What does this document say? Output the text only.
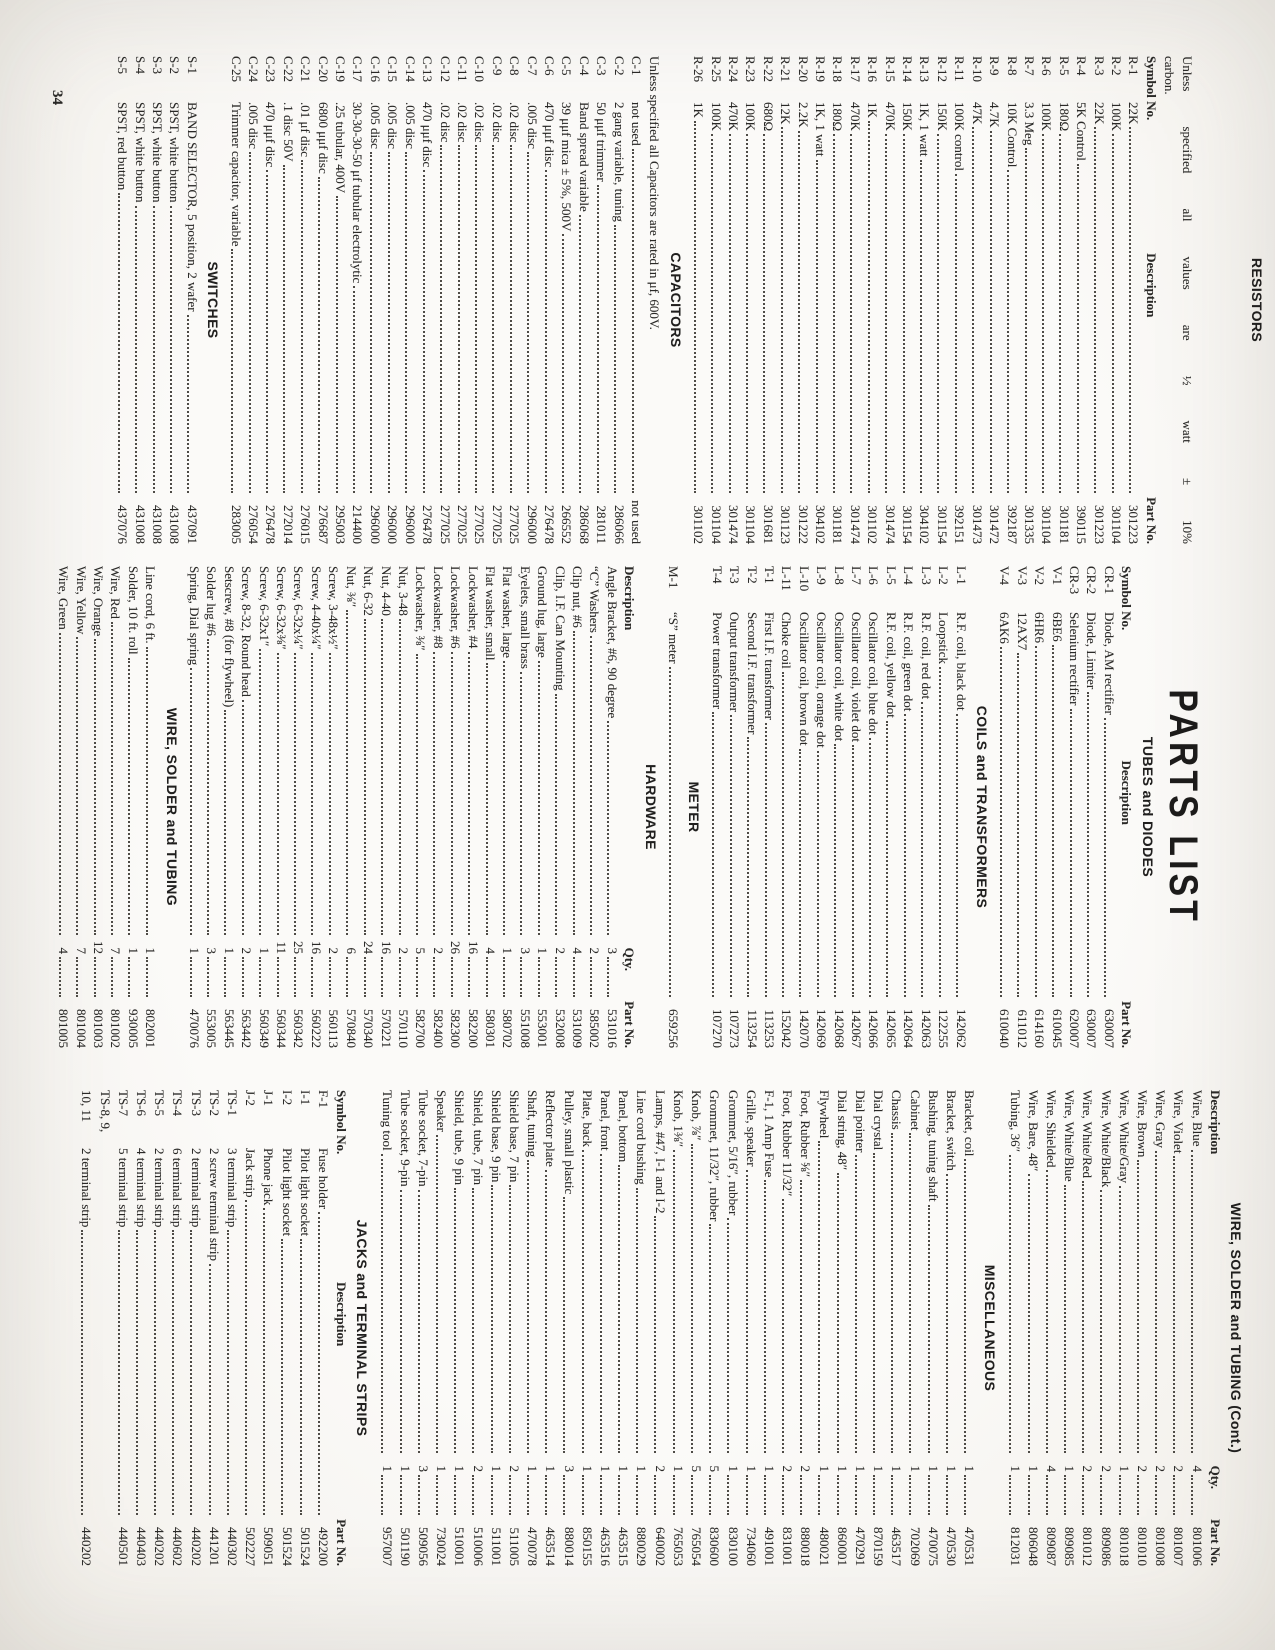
RESISTORS
Unless specified all values are ½ watt ± 10%
carbon.
Symbol No.
Description
Part No.
R-1
22K
301223
R-2
100K
301104
R-3
22K
301223
R-4
5K Control
390115
R-5
180Ω
301181
R-6
100K
301104
R-7
3.3 Meg
301335
R-8
10K Control
392187
R-9
4.7K
301472
R-10
47K
301473
R-11
100K control
392151
R-12
150K
301154
R-13
1K, 1 watt
304102
R-14
150K
301154
R-15
470K
301474
R-16
1K
301102
R-17
470K
301474
R-18
180Ω
301181
R-19
1K, 1 watt
304102
R-20
2.2K
301222
R-21
12K
301123
R-22
680Ω
301681
R-23
100K
301104
R-24
470K
301474
R-25
100K
301104
R-26
1K
301102
CAPACITORS
Unless specified all Capacitors are rated in μf, 600V.
C-1
not used
not used
C-2
2 gang variable, tuning
286066
C-3
50 μμf trimmer
281011
C-4
Band spread variable
286068
C-5
39 μμf mica ± 5%, 500V
266552
C-6
470 μμf disc
276478
C-7
.005 disc
296000
C-8
.02 disc
277025
C-9
.02 disc
277025
C-10
.02 disc
277025
C-11
.02 disc
277025
C-12
.02 disc
277025
C-13
470 μμf disc
276478
C-14
.005 disc
296000
C-15
.005 disc
296000
C-16
.005 disc
296000
C-17
30-30-30-50 μf tubular electrolytic
214400
C-19
.25 tubular, 400V
295003
C-20
6800 μμf disc
276687
C-21
.01 μf disc
276015
C-22
.1 disc 50V
272014
C-23
470 μμf disc
276478
C-24
.005 disc
276054
C-25
Trimmer capacitor, variable
283005
SWITCHES
S-1
BAND SELECTOR, 5 position, 2 wafer
437091
S-2
SPST, white button
431008
S-3
SPST, white button
431008
S-4
SPST, white button
431008
S-5
SPST, red button
437076
PARTS LIST
TUBES and DIODES
Symbol No.
Description
Part No.
CR-1
Diode, AM rectifier
630007
CR-2
Diode, Limiter
630007
CR-3
Selenium rectifier
620007
V-1
6BE6
610045
V-2
6HR6
614160
V-3
12AX7
611012
V-4
6AK6
610040
COILS and TRANSFORMERS
L-1
R.F. coil, black dot
142062
L-2
Loopstick
122255
L-3
R.F. coil, red dot
142063
L-4
R.F. coil, green dot
142064
L-5
R.F. coil, yellow dot
142065
L-6
Oscillator coil, blue dot
142066
L-7
Oscillator coil, violet dot
142067
L-8
Oscillator coil, white dot
142068
L-9
Oscillator coil, orange dot
142069
L-10
Oscillator coil, brown dot
142070
L-11
Choke coil
152042
T-1
First I.F. transformer
113253
T-2
Second I.F. transformer
113254
T-3
Output transformer
107273
T-4
Power transformer
107270
METER
M-1
“S” meter
659256
HARDWARE
Description
Qty.
Part No.
Angle Bracket, #6, 90 degree
3
531016
“C” Washers
2
585002
Clip nut, #6
4
531009
Clip, I.F. Can Mounting
2
532008
Ground lug, large
1
553001
Eyelets, small brass
3
551008
Flat washer, large
1
580702
Flat washer, small
4
580301
Lockwasher, #4
16
582200
Lockwasher, #6
26
582300
Lockwasher, #8
2
582400
Lockwasher, ⅜″
5
582700
Nut, 3-48
2
570110
Nut, 4-40
16
570221
Nut, 6-32
24
570340
Nut, ⅜″
6
570840
Screw, 3-48x½″
2
560113
Screw, 4-40x¼″
16
560222
Screw, 6-32x¼″
25
560342
Screw, 6-32x⅜″
11
560344
Screw, 6-32x1″
1
560349
Screw, 8-32, Round head
2
563442
Setscrew, #8 (for flywheel)
1
563445
Solder lug #6
3
553005
Spring, Dial spring
1
470076
WIRE, SOLDER and TUBING
Line cord, 6 ft.
1
802001
Solder, 10 ft. roll
1
930005
Wire, Red
7
801002
Wire, Orange
12
801003
Wire, Yellow
7
801004
Wire, Green
4
801005
WIRE, SOLDER and TUBING (Cont.)
Description
Qty.
Part No.
Wire, Blue
4
801006
Wire, Violet
2
801007
Wire, Gray
2
801008
Wire, Brown
2
801010
Wire, White/Gray
1
801018
Wire, White/Black
2
809086
Wire, White/Red
2
801012
Wire, White/Blue
1
809085
Wire, Shielded
4
809087
Wire, Bare, 48″
1
806048
Tubing, 36″
1
812031
MISCELLANEOUS
Bracket, coil
1
470531
Bracket, switch
1
470530
Bushing, tuning shaft
1
470075
Cabinet
1
702069
Chassis
1
463517
Dial crystal
1
870159
Dial pointer
1
470291
Dial string, 48″
1
860001
Flywheel
1
480021
Foot, Rubber ⅝″
2
880018
Foot, Rubber 11/32″
2
831001
F-1, 1 Amp Fuse
1
491001
Grille, speaker
1
734060
Grommet, 5/16″, rubber
1
830100
Grommet, 11/32″, rubber
5
830600
Knob, ⅞″
5
765054
Knob, 1⅜″
1
765053
Lamps, #47, I-1 and I-2
2
640002
Line cord bushing
1
880029
Panel, bottom
1
463515
Panel, front
1
463516
Plate, back
1
850155
Pulley, small plastic
3
880014
Reflector plate
1
463514
Shaft, tuning
1
470078
Shield base, 7 pin
2
511005
Shield base, 9 pin
1
511001
Shield, tube, 7 pin
2
510006
Shield, tube, 9 pin
1
510001
Speaker
1
730024
Tube socket, 7-pin
3
509056
Tube socket, 9-pin
1
501190
Tuning tool
1
957007
JACKS and TERMINAL STRIPS
Symbol No.
Description
Part No.
F-1
Fuse holder
492200
I-1
Pilot light socket
501524
I-2
Pilot light socket
501524
J-1
Phone jack
509051
J-2
Jack strip
502227
TS-1
3 terminal strip
440302
TS-2
2 screw terminal strip
441201
TS-3
2 terminal strip
440202
TS-4
6 terminal strip
440602
TS-5
2 terminal strip
440202
TS-6
4 terminal strip
440403
TS-7
5 terminal strip
440501
TS-8, 9,
10, 11
2 terminal strip
440202
34
